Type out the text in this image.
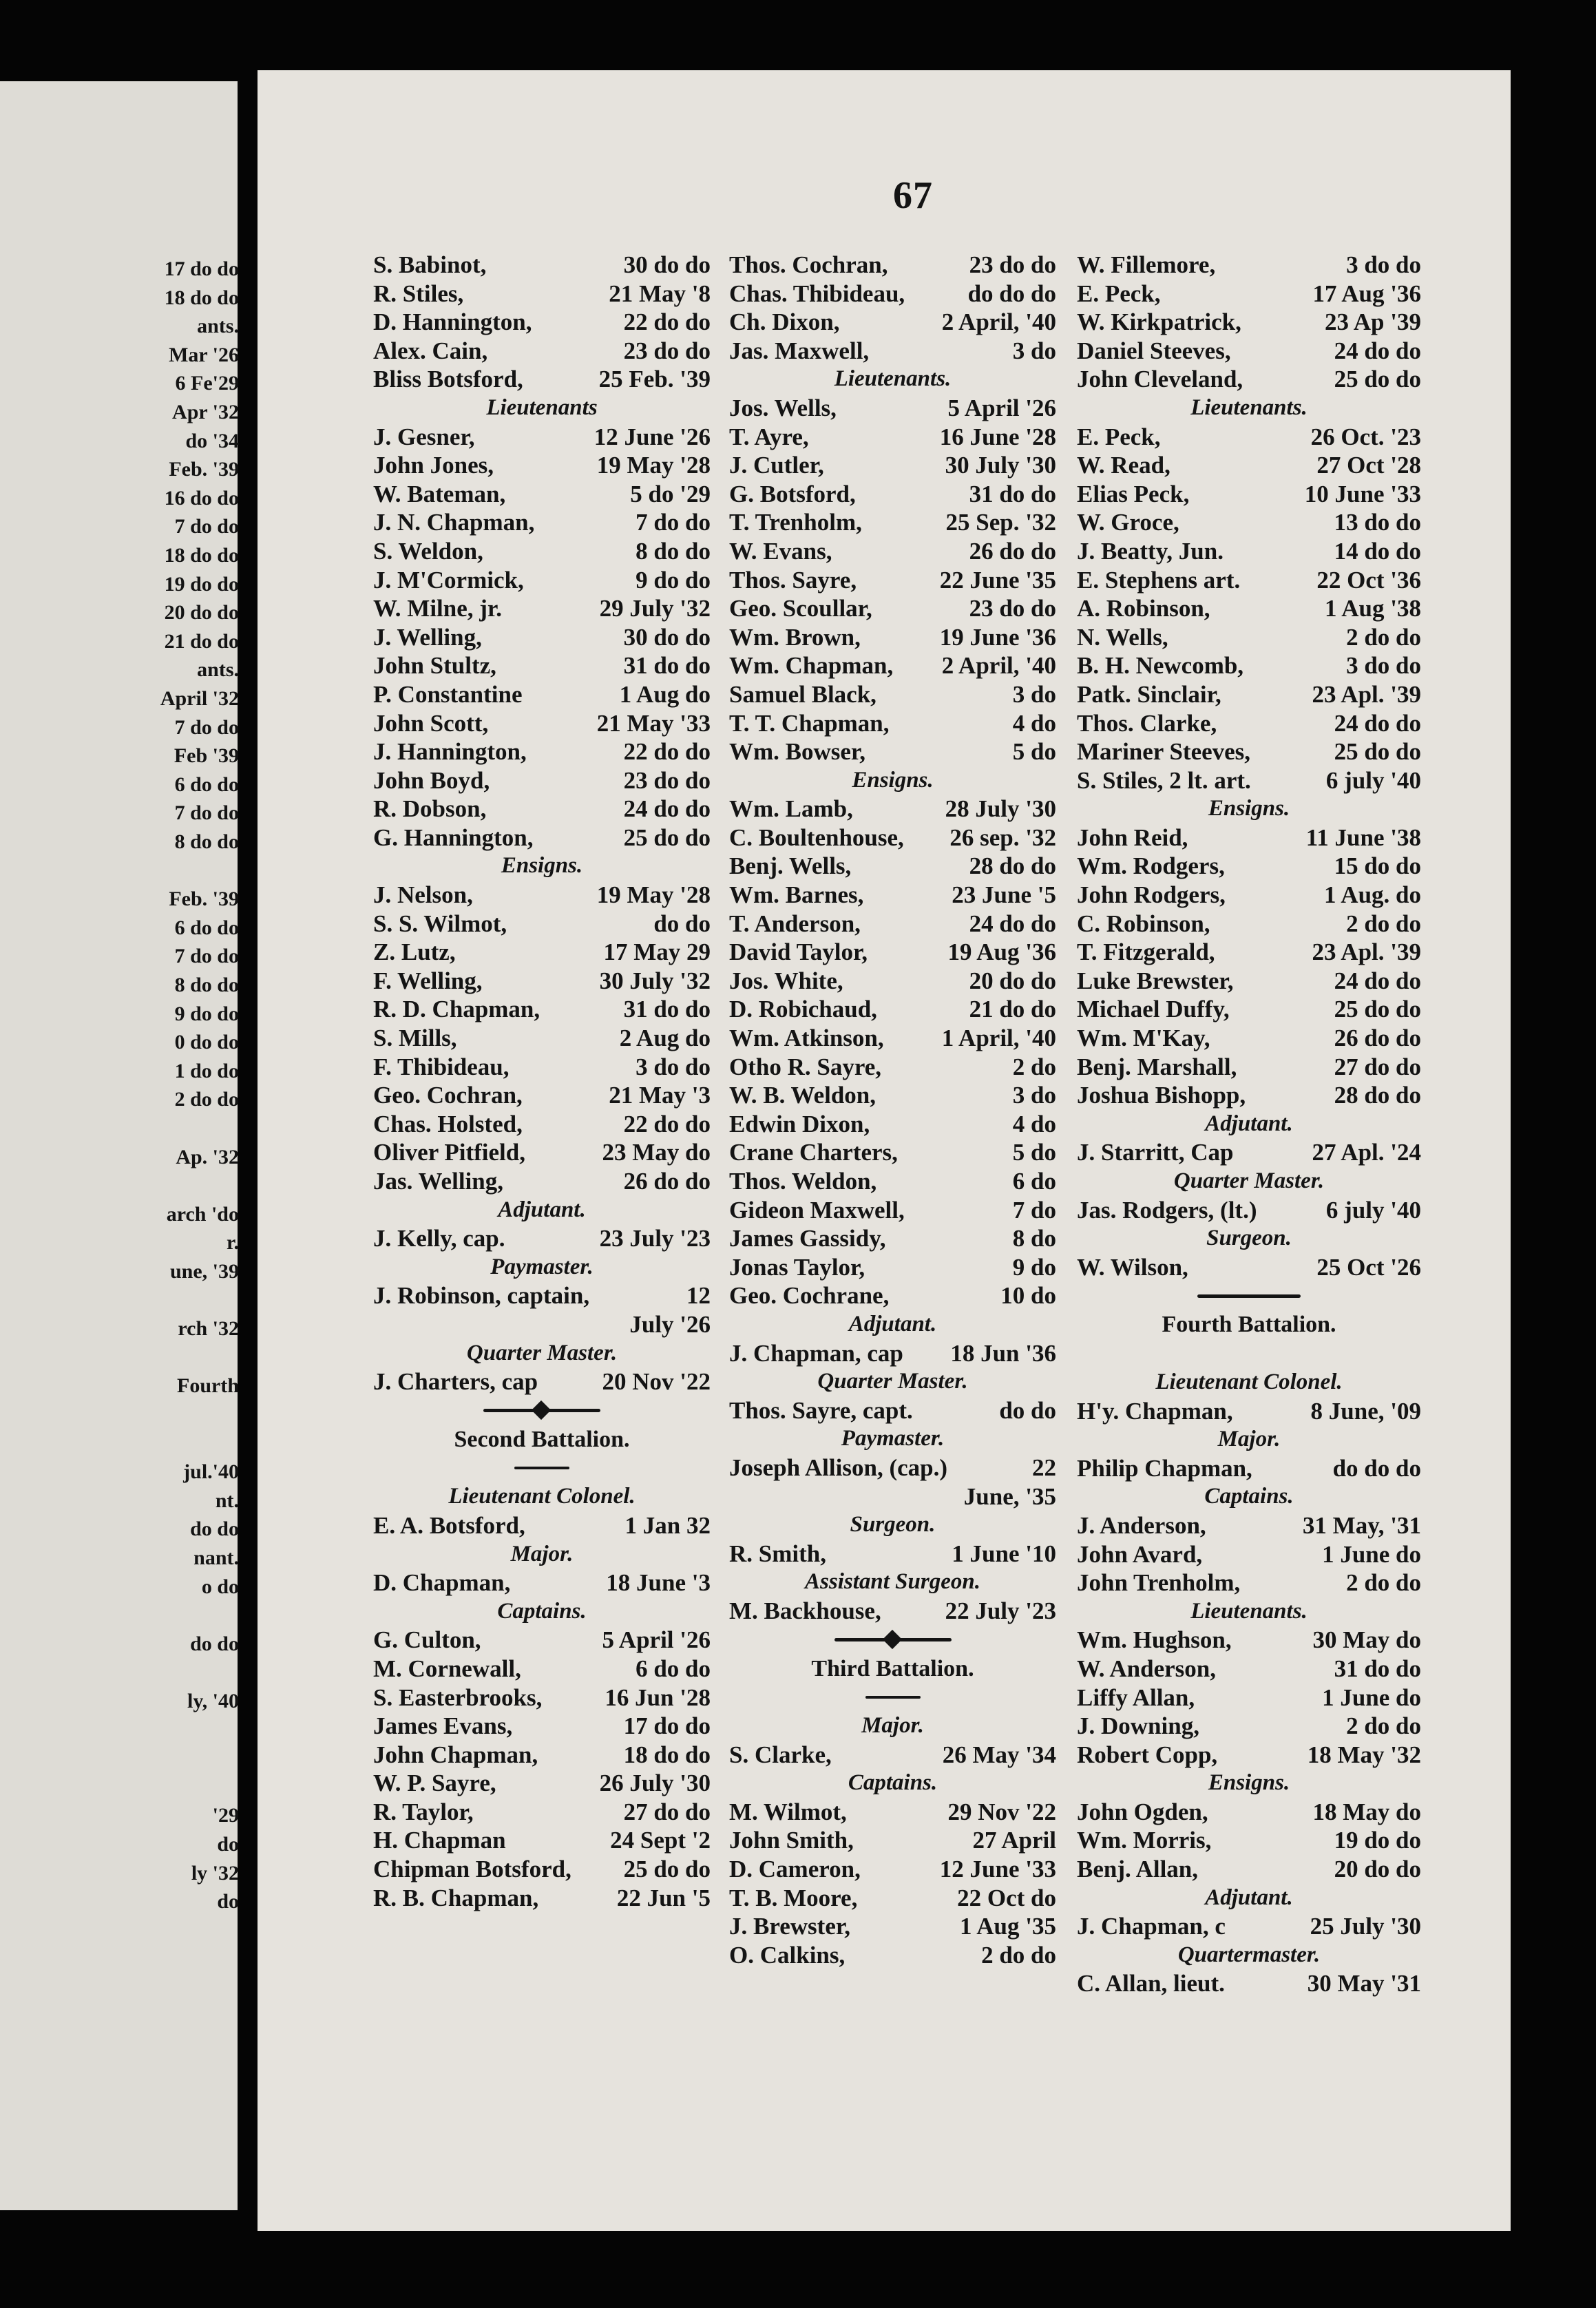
17 do do
18 do do
ants.
Mar '26
6 Fe'29
Apr '32
do '34
Feb. '39
16 do do
7 do do
18 do do
19 do do
20 do do
21 do do
ants.
April '32
7 do do
Feb '39
6 do do
7 do do
8 do do
Feb. '39
6 do do
7 do do
8 do do
9 do do
0 do do
1 do do
2 do do
Ap. '32
arch 'do
r.
une, '39
rch '32
Fourth
jul.'40
nt.
do do
nant.
o do
do do
ly, '40
'29
do
ly '32
do
67
S. Babinot,	30 do do
R. Stiles,	21 May '8
D. Hannington,	22 do do
Alex. Cain,	23 do do
Bliss Botsford,	25 Feb. '39
Lieutenants
J. Gesner,	12 June '26
John Jones,	19 May '28
W. Bateman,	5 do '29
J. N. Chapman,	7 do do
S. Weldon,	8 do do
J. M'Cormick,	9 do do
W. Milne, jr.	29 July '32
J. Welling,	30 do do
John Stultz,	31 do do
P. Constantine	1 Aug do
John Scott,	21 May '33
J. Hannington,	22 do do
John Boyd,	23 do do
R. Dobson,	24 do do
G. Hannington,	25 do do
Ensigns.
J. Nelson,	19 May '28
S. S. Wilmot,	do do
Z. Lutz,	17 May 29
F. Welling,	30 July '32
R. D. Chapman,	31 do do
S. Mills,	2 Aug do
F. Thibideau,	3 do do
Geo. Cochran,	21 May '3
Chas. Holsted,	22 do do
Oliver Pitfield,	23 May do
Jas. Welling,	26 do do
Adjutant.
J. Kelly, cap.	23 July '23
Paymaster.
J. Robinson, captain,	12
July '26
Quarter Master.
J. Charters, cap	20 Nov '22
Second Battalion.
Lieutenant Colonel.
E. A. Botsford,	1 Jan 32
Major.
D. Chapman,	18 June '3
Captains.
G. Culton,	5 April '26
M. Cornewall,	6 do do
S. Easterbrooks,	16 Jun '28
James Evans,	17 do do
John Chapman,	18 do do
W. P. Sayre,	26 July '30
R. Taylor,	27 do do
H. Chapman	24 Sept '2
Chipman Botsford, 25 do do
R. B. Chapman,	22 Jun '5
Thos. Cochran,	23 do do
Chas. Thibideau,	do do do
Ch. Dixon,	2 April, '40
Jas. Maxwell,	3 do
Lieutenants.
Jos. Wells,	5 April '26
T. Ayre,	16 June '28
J. Cutler,	30 July '30
G. Botsford,	31 do do
T. Trenholm,	25 Sep. '32
W. Evans,	26 do do
Thos. Sayre,	22 June '35
Geo. Scoullar,	23 do do
Wm. Brown,	19 June '36
Wm. Chapman, 2 April, '40
Samuel Black,	3 do
T. T. Chapman,	4 do
Wm. Bowser,	5 do
Ensigns.
Wm. Lamb,	28 July '30
C. Boultenhouse, 26 sep. '32
Benj. Wells,	28 do do
Wm. Barnes,	23 June '5
T. Anderson,	24 do do
David Taylor,	19 Aug '36
Jos. White,	20 do do
D. Robichaud,	21 do do
Wm. Atkinson, 1 April, '40
Otho R. Sayre,	2 do
W. B. Weldon,	3 do
Edwin Dixon,	4 do
Crane Charters,	5 do
Thos. Weldon,	6 do
Gideon Maxwell,	7 do
James Gassidy,	8 do
Jonas Taylor,	9 do
Geo. Cochrane,	10 do
Adjutant.
J. Chapman, cap 18 Jun '36
Quarter Master.
Thos. Sayre, capt.	do do
Paymaster.
Joseph Allison, (cap.)	22
June, '35
Surgeon.
R. Smith,	1 June '10
Assistant Surgeon.
M. Backhouse,	22 July '23
Third Battalion.
Major.
S. Clarke,	26 May '34
Captains.
M. Wilmot,	29 Nov '22
John Smith,	27 April
D. Cameron,	12 June '33
T. B. Moore,	22 Oct do
J. Brewster,	1 Aug '35
O. Calkins,	2 do do
W. Fillemore,	3 do do
E. Peck,	17 Aug '36
W. Kirkpatrick,	23 Ap '39
Daniel Steeves,	24 do do
John Cleveland,	25 do do
Lieutenants.
E. Peck,	26 Oct. '23
W. Read,	27 Oct '28
Elias Peck,	10 June '33
W. Groce,	13 do do
J. Beatty, Jun.	14 do do
E. Stephens art.	22 Oct '36
A. Robinson,	1 Aug '38
N. Wells,	2 do do
B. H. Newcomb,	3 do do
Patk. Sinclair,	23 Apl. '39
Thos. Clarke,	24 do do
Mariner Steeves,	25 do do
S. Stiles, 2 lt. art.	6 july '40
Ensigns.
John Reid,	11 June '38
Wm. Rodgers,	15 do do
John Rodgers,	1 Aug. do
C. Robinson,	2 do do
T. Fitzgerald,	23 Apl. '39
Luke Brewster,	24 do do
Michael Duffy,	25 do do
Wm. M'Kay,	26 do do
Benj. Marshall,	27 do do
Joshua Bishopp,	28 do do
Adjutant.
J. Starritt, Cap	27 Apl. '24
Quarter Master.
Jas. Rodgers, (lt.)	6 july '40
Surgeon.
W. Wilson,	25 Oct '26
Fourth Battalion.
Lieutenant Colonel.
H'y. Chapman,	8 June, '09
Major.
Philip Chapman,	do do do
Captains.
J. Anderson,	31 May, '31
John Avard,	1 June do
John Trenholm,	2 do do
Lieutenants.
Wm. Hughson,	30 May do
W. Anderson,	31 do do
Liffy Allan,	1 June do
J. Downing,	2 do do
Robert Copp,	18 May '32
Ensigns.
John Ogden,	18 May do
Wm. Morris,	19 do do
Benj. Allan,	20 do do
Adjutant.
J. Chapman, c	25 July '30
Quartermaster.
C. Allan, lieut.	30 May '31
